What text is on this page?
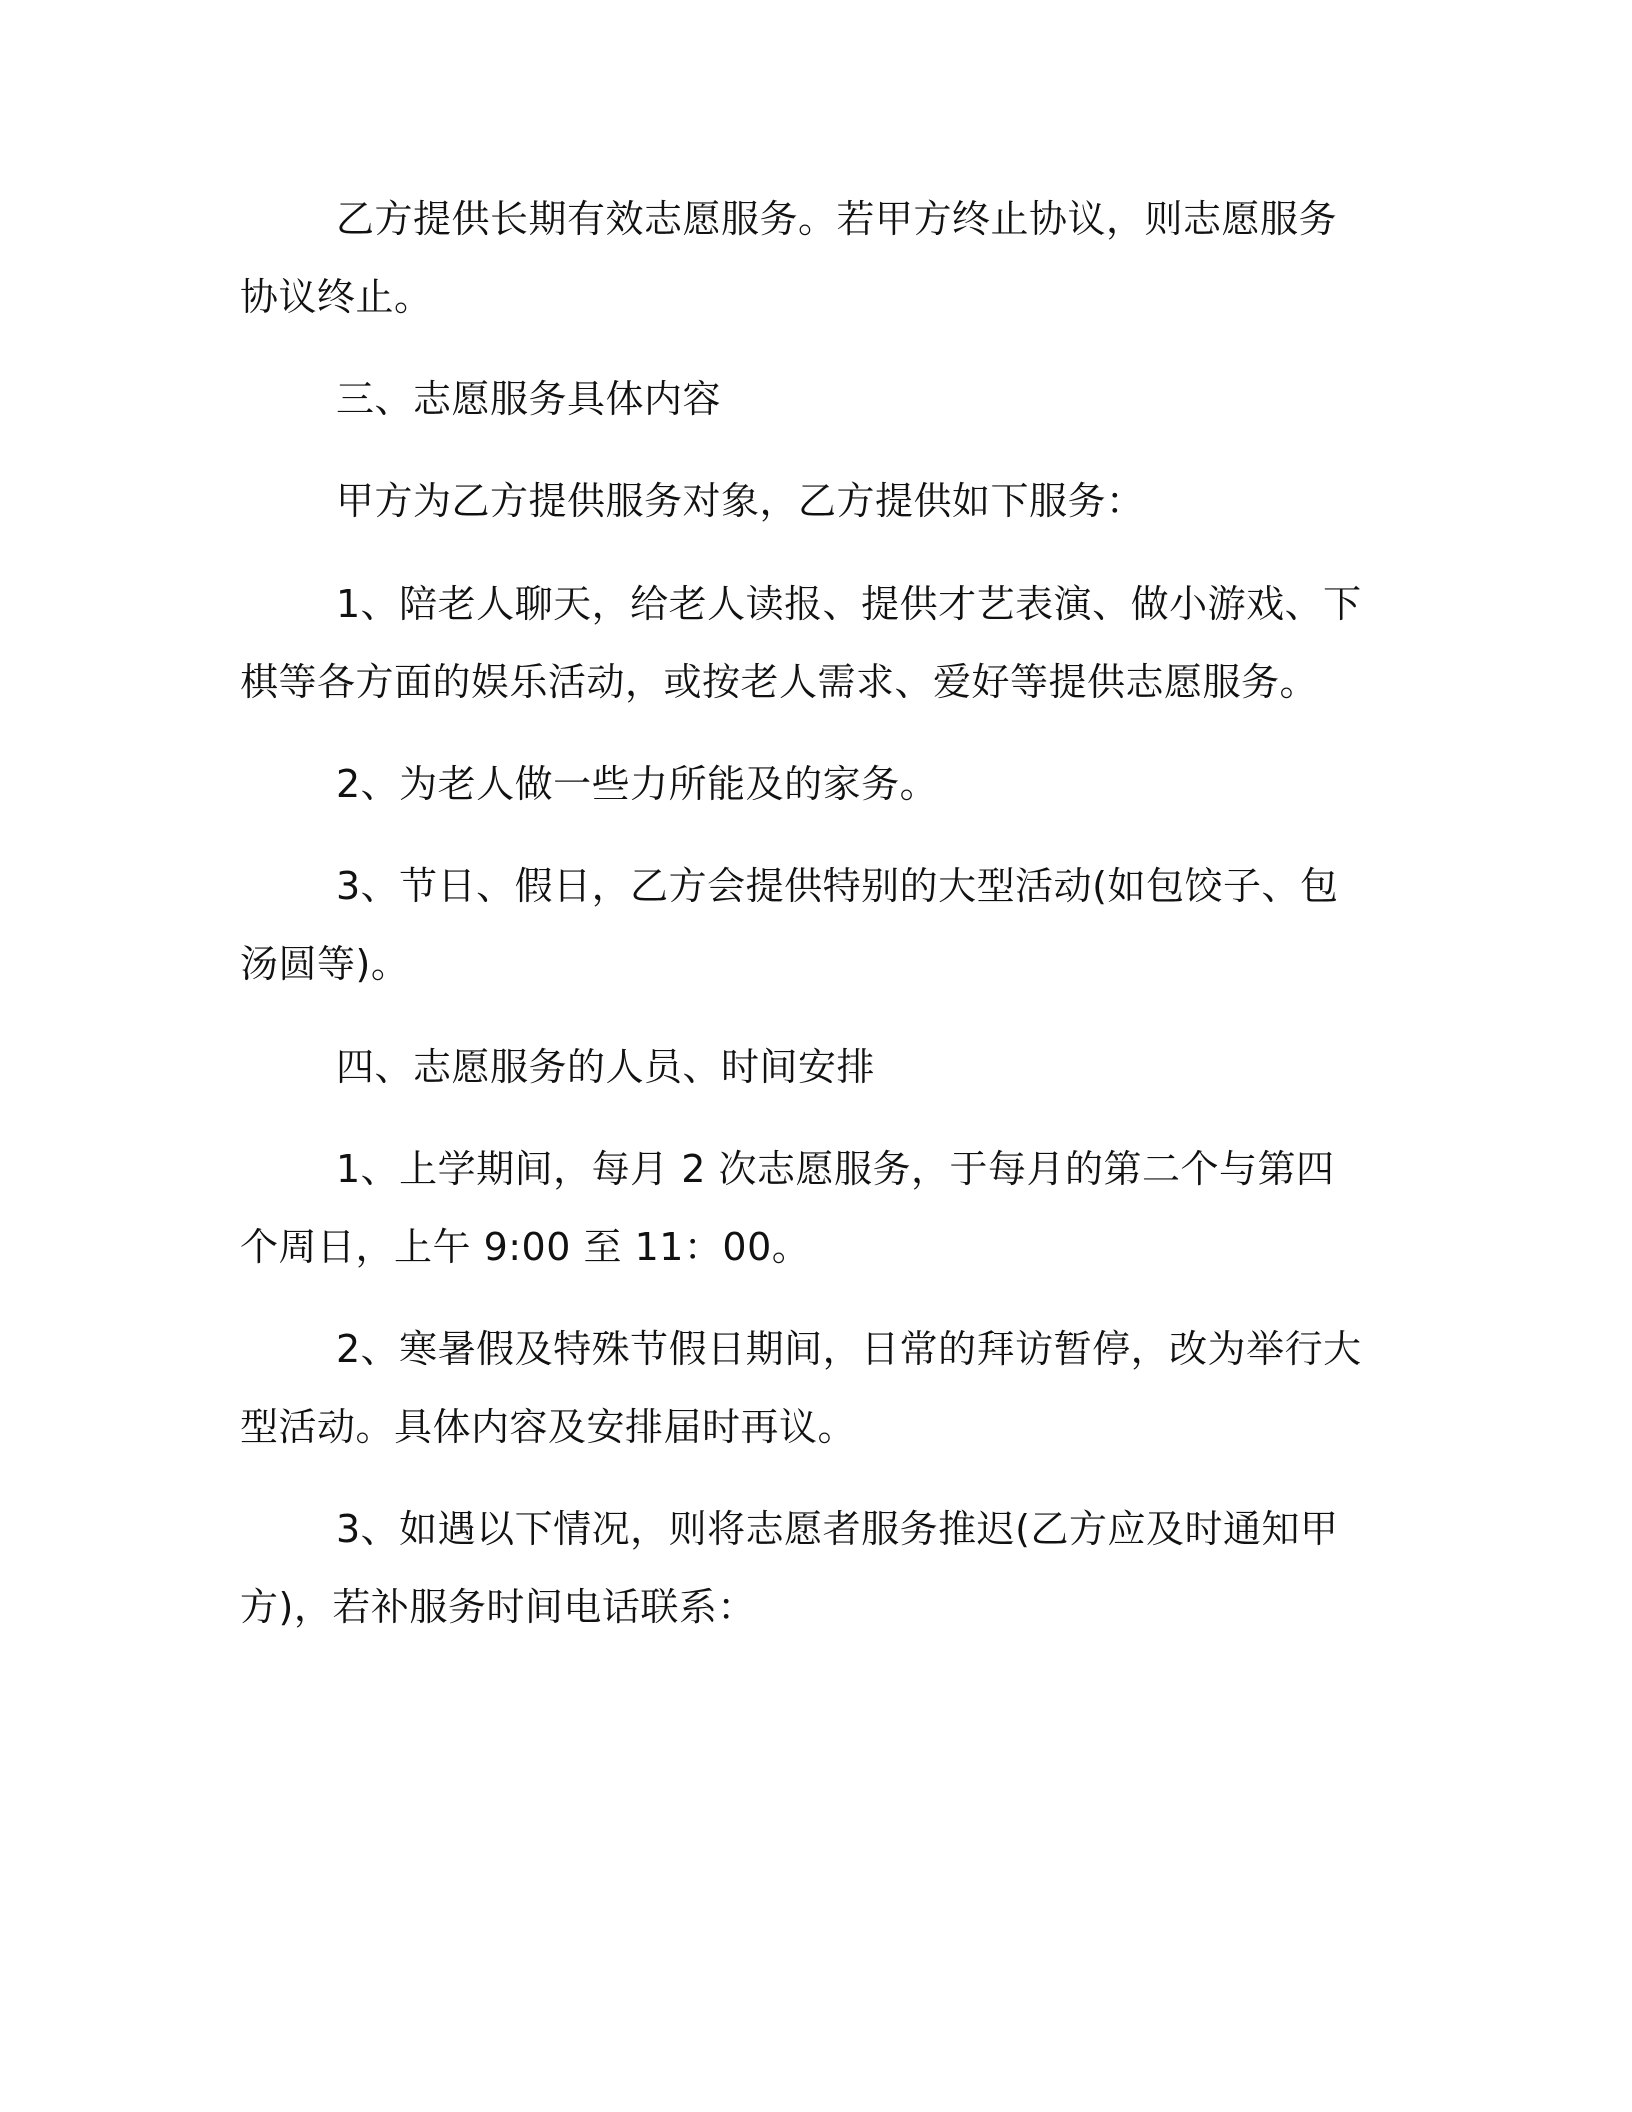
乙方提供长期有效志愿服务。若甲方终止协议，则志愿服务协议终止。

三、志愿服务具体内容

甲方为乙方提供服务对象，乙方提供如下服务：

1、陪老人聊天，给老人读报、提供才艺表演、做小游戏、下棋等各方面的娱乐活动，或按老人需求、爱好等提供志愿服务。

2、为老人做一些力所能及的家务。

3、节日、假日，乙方会提供特别的大型活动(如包饺子、包汤圆等)。

四、志愿服务的人员、时间安排

1、上学期间，每月 2 次志愿服务，于每月的第二个与第四个周日，上午 9:00 至 11：00。

2、寒暑假及特殊节假日期间，日常的拜访暂停，改为举行大型活动。具体内容及安排届时再议。

3、如遇以下情况，则将志愿者服务推迟(乙方应及时通知甲方)，若补服务时间电话联系：
